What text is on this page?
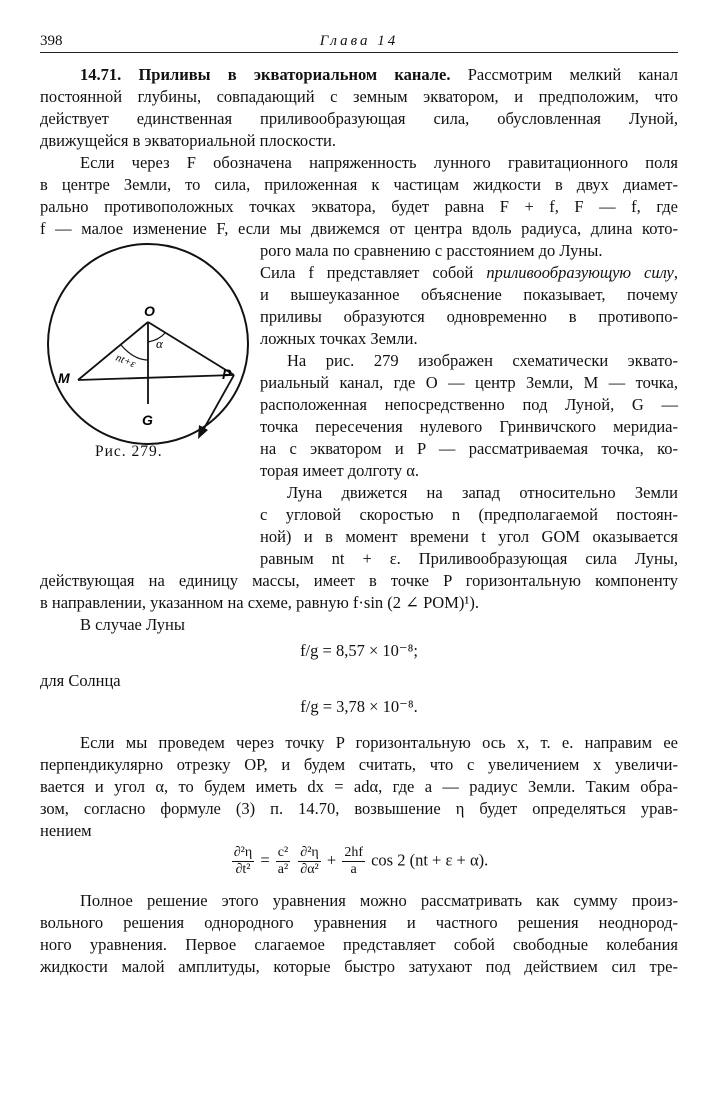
398	Глава 14
14.71. Приливы в экваториальном канале. Рассмотрим мелкий канал
постоянной глубины, совпадающий с земным экватором, и предположим, что
действует единственная приливообразующая сила, обусловленная Луной,
движущейся в экваториальной плоскости.
Если через F обозначена напряженность лунного гравитационного поля
в центре Земли, то сила, приложенная к частицам жидкости в двух диамет-
рально противоположных точках экватора, будет равна F + f, F — f, где
f — малое изменение F, если мы движемся от центра вдоль радиуса, длина кото-
рого мала по сравнению с расстоянием до Луны.
O
α
nt+ε
M	P
G
Рис. 279.
Сила f представляет собой приливообразующую силу,
и вышеуказанное объяснение показывает, почему
приливы образуются одновременно в противопо-
ложных точках Земли.
На рис. 279 изображен схематически эквато-
риальный канал, где O — центр Земли, M — точка,
расположенная непосредственно под Луной, G —
точка пересечения нулевого Гринвичского меридиа-
на с экватором и P — рассматриваемая точка, ко-
торая имеет долготу α.
Луна движется на запад относительно Земли
с угловой скоростью n (предполагаемой постоян-
ной) и в момент времени t угол GOM оказывается
равным nt + ε. Приливообразующая сила Луны,
действующая на единицу массы, имеет в точке P горизонтальную компоненту
в направлении, указанном на схеме, равную f·sin (2 ∠ POM)¹).
В случае Луны
f/g = 8,57 × 10⁻⁸;
для Солнца
f/g = 3,78 × 10⁻⁸.
Если мы проведем через точку P горизонтальную ось x, т. е. направим ее
перпендикулярно отрезку OP, и будем считать, что с увеличением x увеличи-
вается и угол α, то будем иметь dx = adα, где a — радиус Земли. Таким обра-
зом, согласно формуле (3) п. 14.70, возвышение η будет определяться урав-
нением
$\frac{\text{∂²η}}{\text{∂t²}} = \frac{\text{c²}}{\text{a²}}$
$\frac{\text{∂²η}}{\text{∂α²}} + \frac{2hf}{a}$ cos 2 (nt + ε + α).
Полное решение этого уравнения можно рассматривать как сумму произ-
вольного решения однородного уравнения и частного решения неоднород-
ного уравнения. Первое слагаемое представляет собой свободные колебания
жидкости малой амплитуды, которые быстро затухают под действием сил тре-
